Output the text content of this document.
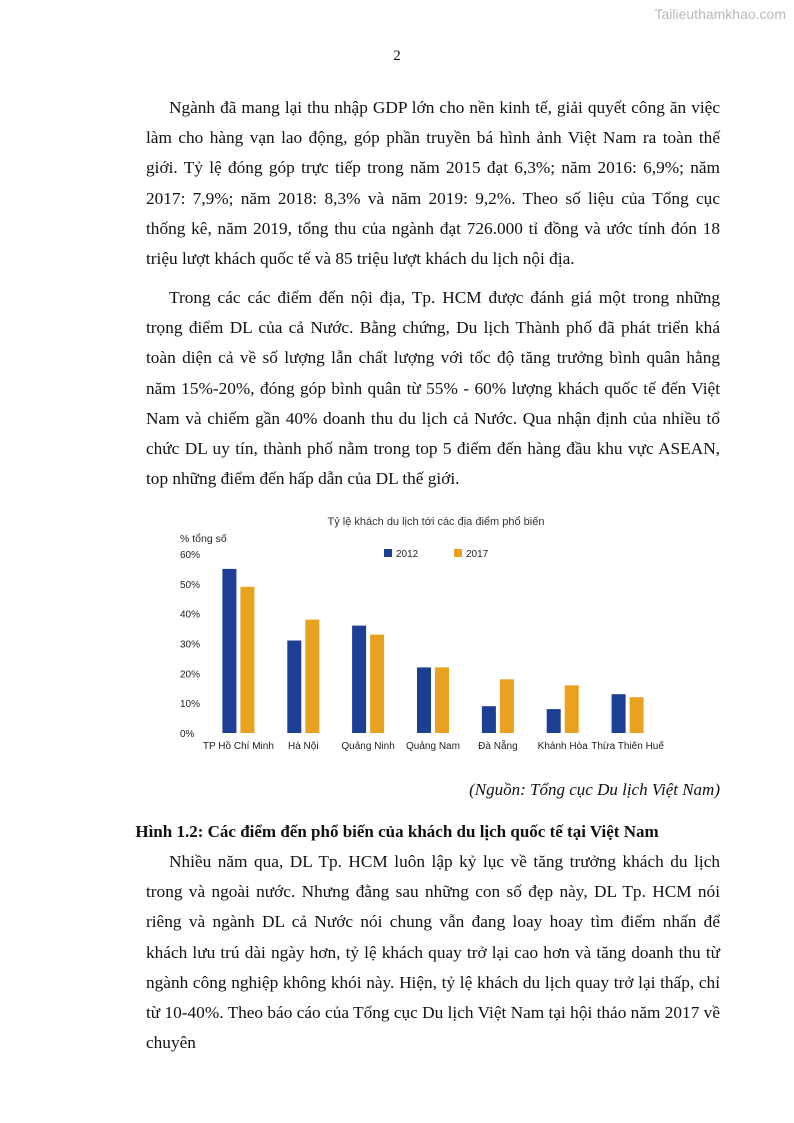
Tailieuthamkhao.com
2

Ngành đã mang lại thu nhập GDP lớn cho nền kinh tế, giải quyết công ăn việc làm cho hàng vạn lao động, góp phần truyền bá hình ảnh Việt Nam ra toàn thế giới. Tỷ lệ đóng góp trực tiếp trong năm 2015 đạt 6,3%; năm 2016: 6,9%; năm 2017: 7,9%; năm 2018: 8,3% và năm 2019: 9,2%. Theo số liệu của Tổng cục thống kê, năm 2019, tổng thu của ngành đạt 726.000 tỉ đồng và ước tính đón 18 triệu lượt khách quốc tế và 85 triệu lượt khách du lịch nội địa.

Trong các các điểm đến nội địa, Tp. HCM được đánh giá một trong những trọng điểm DL của cả Nước. Bằng chứng, Du lịch Thành phố đã phát triển khá toàn diện cả về số lượng lẫn chất lượng với tốc độ tăng trưởng bình quân hằng năm 15%-20%, đóng góp bình quân từ 55% - 60% lượng khách quốc tế đến Việt Nam và chiếm gần 40% doanh thu du lịch cả Nước. Qua nhận định của nhiều tổ chức DL uy tín, thành phố nằm trong top 5 điểm đến hàng đầu khu vực ASEAN, top những điểm đến hấp dẫn của DL thế giới.

Tỷ lệ khách du lịch tới các địa điểm phổ biến
% tổng số
0%
10%
20%
30%
40%
50%
60%
TP Hồ Chí Minh Hà Nội Quảng Ninh Quảng Nam Đà Nẵng Khánh Hòa Thừa Thiên Huế
2012	2017
(Nguồn: Tổng cục Du lịch Việt Nam)
Hình 1.2: Các điểm đến phổ biến của khách du lịch quốc tế tại Việt Nam

Nhiều năm qua, DL Tp. HCM luôn lập kỷ lục về tăng trưởng khách du lịch trong và ngoài nước. Nhưng đằng sau những con số đẹp này, DL Tp. HCM nói riêng và ngành DL cả Nước nói chung vẫn đang loay hoay tìm điểm nhấn để khách lưu trú dài ngày hơn, tỷ lệ khách quay trở lại cao hơn và tăng doanh thu từ ngành công nghiệp không khói này. Hiện, tỷ lệ khách du lịch quay trở lại thấp, chỉ từ 10-40%. Theo báo cáo của Tổng cục Du lịch Việt Nam tại hội thảo năm 2017 về chuyên
